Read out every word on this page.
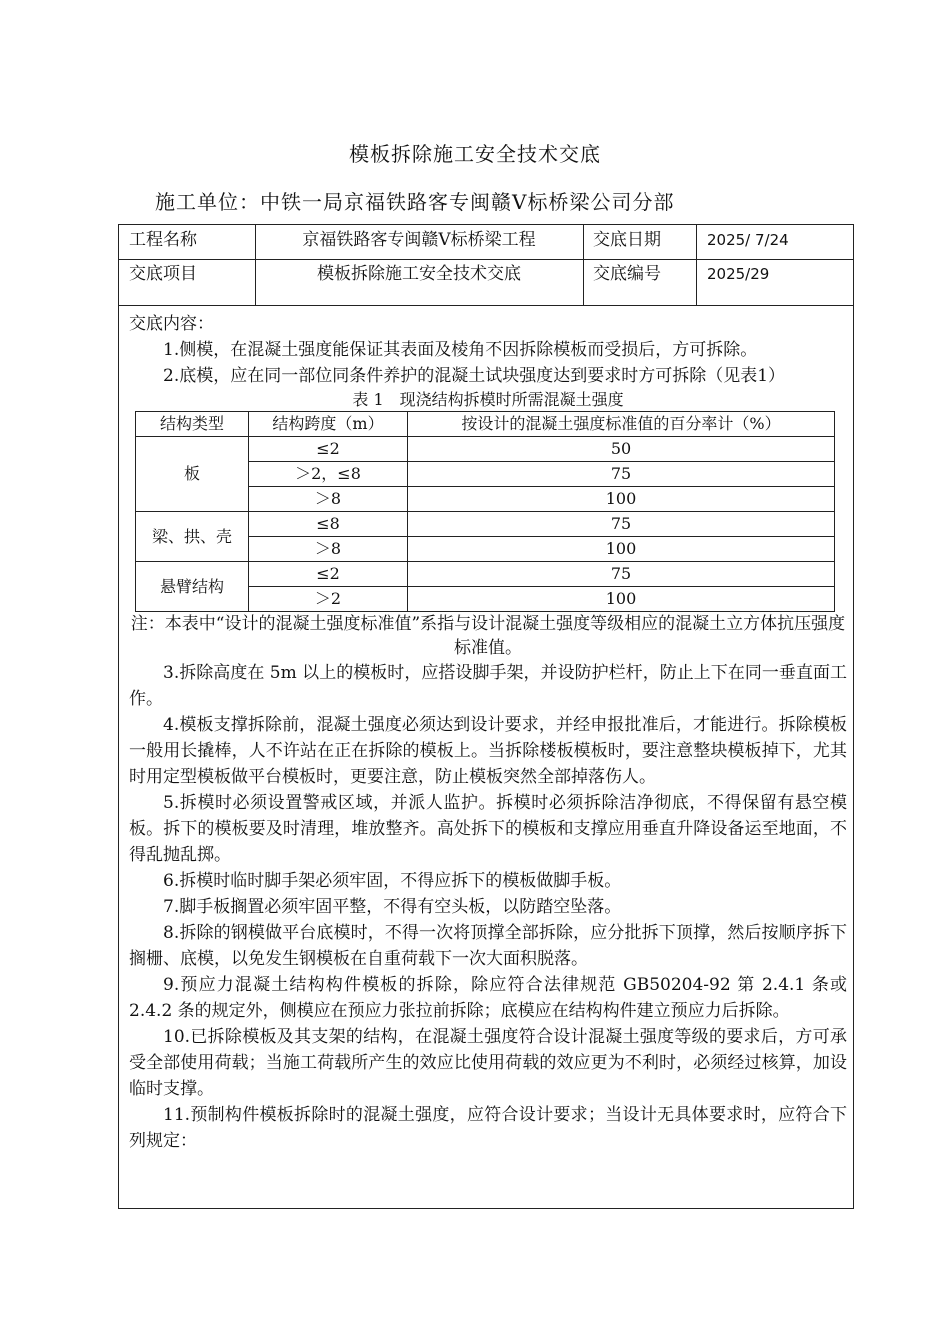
模板拆除施工安全技术交底
施工单位：中铁一局京福铁路客专闽赣Ⅴ标桥梁公司分部
工程名称	京福铁路客专闽赣Ⅴ标桥梁工程	交底日期	2025/ 7/24
交底项目	模板拆除施工安全技术交底	交底编号	2025/29

交底内容：

1.侧模，在混凝土强度能保证其表面及棱角不因拆除模板而受损后，方可拆除。

2.底模，应在同一部位同条件养护的混凝土试块强度达到要求时方可拆除（见表1）

表 1　现浇结构拆模时所需混凝土强度
结构类型	结构跨度（m）	按设计的混凝土强度标准值的百分率计（%）
板	≤2	50
	＞2，≤8	75
	＞8	100
梁、拱、壳	≤8	75
	＞8	100
悬臂结构	≤2	75
	＞2	100
注：本表中“设计的混凝土强度标准值”系指与设计混凝土强度等级相应的混凝土立方体抗压强度标准值。

3.拆除高度在 5m 以上的模板时，应搭设脚手架，并设防护栏杆，防止上下在同一垂直面工作。

4.模板支撑拆除前，混凝土强度必须达到设计要求，并经申报批准后，才能进行。拆除模板一般用长撬棒，人不许站在正在拆除的模板上。当拆除楼板模板时，要注意整块模板掉下，尤其时用定型模板做平台模板时，更要注意，防止模板突然全部掉落伤人。

5.拆模时必须设置警戒区域，并派人监护。拆模时必须拆除洁净彻底，不得保留有悬空模板。拆下的模板要及时清理，堆放整齐。高处拆下的模板和支撑应用垂直升降设备运至地面，不得乱抛乱掷。

6.拆模时临时脚手架必须牢固，不得应拆下的模板做脚手板。

7.脚手板搁置必须牢固平整，不得有空头板，以防踏空坠落。

8.拆除的钢模做平台底模时，不得一次将顶撑全部拆除，应分批拆下顶撑，然后按顺序拆下搁栅、底模，以免发生钢模板在自重荷载下一次大面积脱落。

9.预应力混凝土结构构件模板的拆除，除应符合法律规范 GB50204-92 第 2.4.1 条或 2.4.2 条的规定外，侧模应在预应力张拉前拆除；底模应在结构构件建立预应力后拆除。

10.已拆除模板及其支架的结构，在混凝土强度符合设计混凝土强度等级的要求后，方可承受全部使用荷载；当施工荷载所产生的效应比使用荷载的效应更为不利时，必须经过核算，加设临时支撑。

11.预制构件模板拆除时的混凝土强度，应符合设计要求；当设计无具体要求时，应符合下列规定：
